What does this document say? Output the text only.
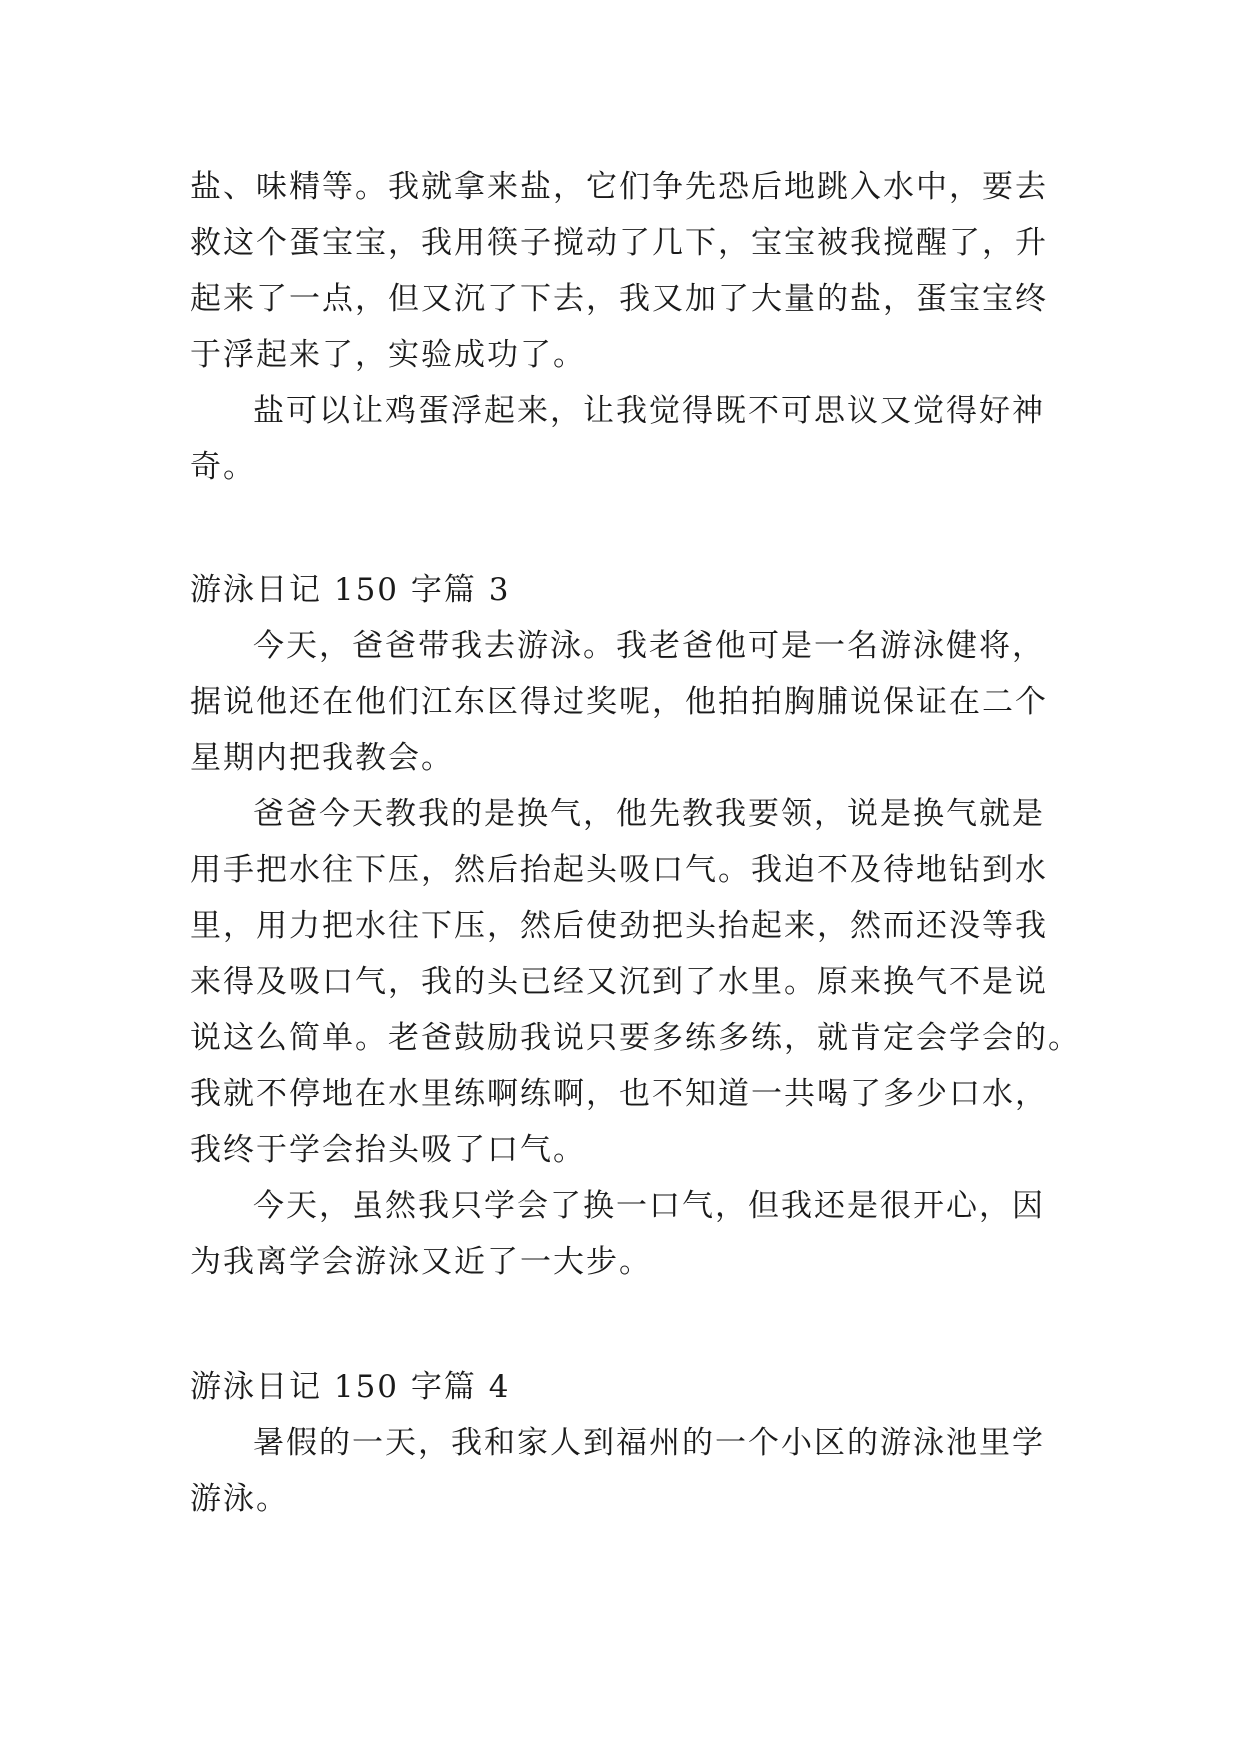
盐、味精等。我就拿来盐，它们争先恐后地跳入水中，要去
救这个蛋宝宝，我用筷子搅动了几下，宝宝被我搅醒了，升
起来了一点，但又沉了下去，我又加了大量的盐，蛋宝宝终
于浮起来了，实验成功了。
盐可以让鸡蛋浮起来，让我觉得既不可思议又觉得好神
奇。
游泳日记 150 字篇 3
今天，爸爸带我去游泳。我老爸他可是一名游泳健将，
据说他还在他们江东区得过奖呢，他拍拍胸脯说保证在二个
星期内把我教会。
爸爸今天教我的是换气，他先教我要领，说是换气就是
用手把水往下压，然后抬起头吸口气。我迫不及待地钻到水
里，用力把水往下压，然后使劲把头抬起来，然而还没等我
来得及吸口气，我的头已经又沉到了水里。原来换气不是说
说这么简单。老爸鼓励我说只要多练多练，就肯定会学会的。
我就不停地在水里练啊练啊，也不知道一共喝了多少口水，
我终于学会抬头吸了口气。
今天，虽然我只学会了换一口气，但我还是很开心，因
为我离学会游泳又近了一大步。
游泳日记 150 字篇 4
暑假的一天，我和家人到福州的一个小区的游泳池里学
游泳。
